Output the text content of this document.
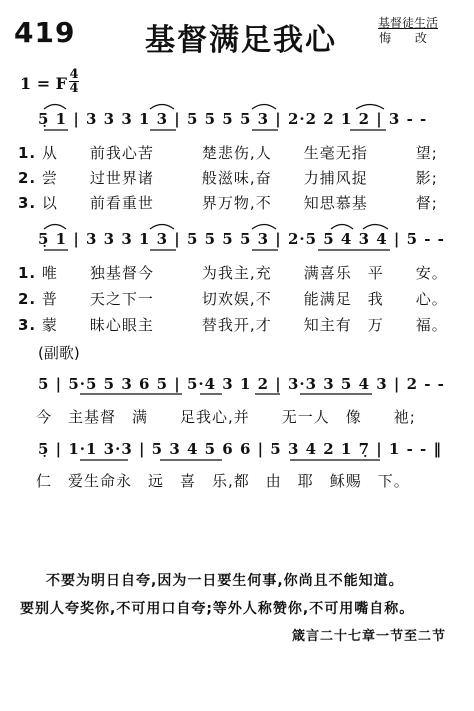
419 基督满足我心	基督徒生活
悔 改
1 = F 4
4
5̣ 1 | 3 3 3 1 3 | 5 5 5 5 3 | 2·2 2 1 2 | 3 - -
1. 从　　前我心苦　　　楚悲伤,人　　生毫无指　　　望;
2. 尝　　过世界诸　　　般滋味,奋　　力捕风捉　　　影;
3. 以　　前看重世　　　界万物,不　　知思慕基　　　督;
5̣ 1 | 3 3 3 1 3 | 5 5 5 5 3 | 2·5 5 4 3 4 | 5 - -
1. 唯　　独基督今　　　为我主,充　　满喜乐　平　　安。
2. 普　　天之下一　　　切欢娱,不　　能满足　我　　心。
3. 蒙　　昧心眼主　　　替我开,才　　知主有　万　　福。
(副歌)
5 | 5·5 5 3 6 5 | 5·4 3 1 2 | 3·3 3 5 4 3 | 2 - -
今　主基督　满　　足我心,并　　无一人　像　　祂;
5̣ | 1·1 3·3 | 5 3 4 5 6 6 | 5 3 4 2 1 7̣ | 1 - - ‖
仁　爱生命永　远　喜　乐,都　由　耶　稣赐　下。
不要为明日自夸,因为一日要生何事,你尚且不能知道。
要别人夸奖你,不可用口自夸;等外人称赞你,不可用嘴自称。
箴言二十七章一节至二节
